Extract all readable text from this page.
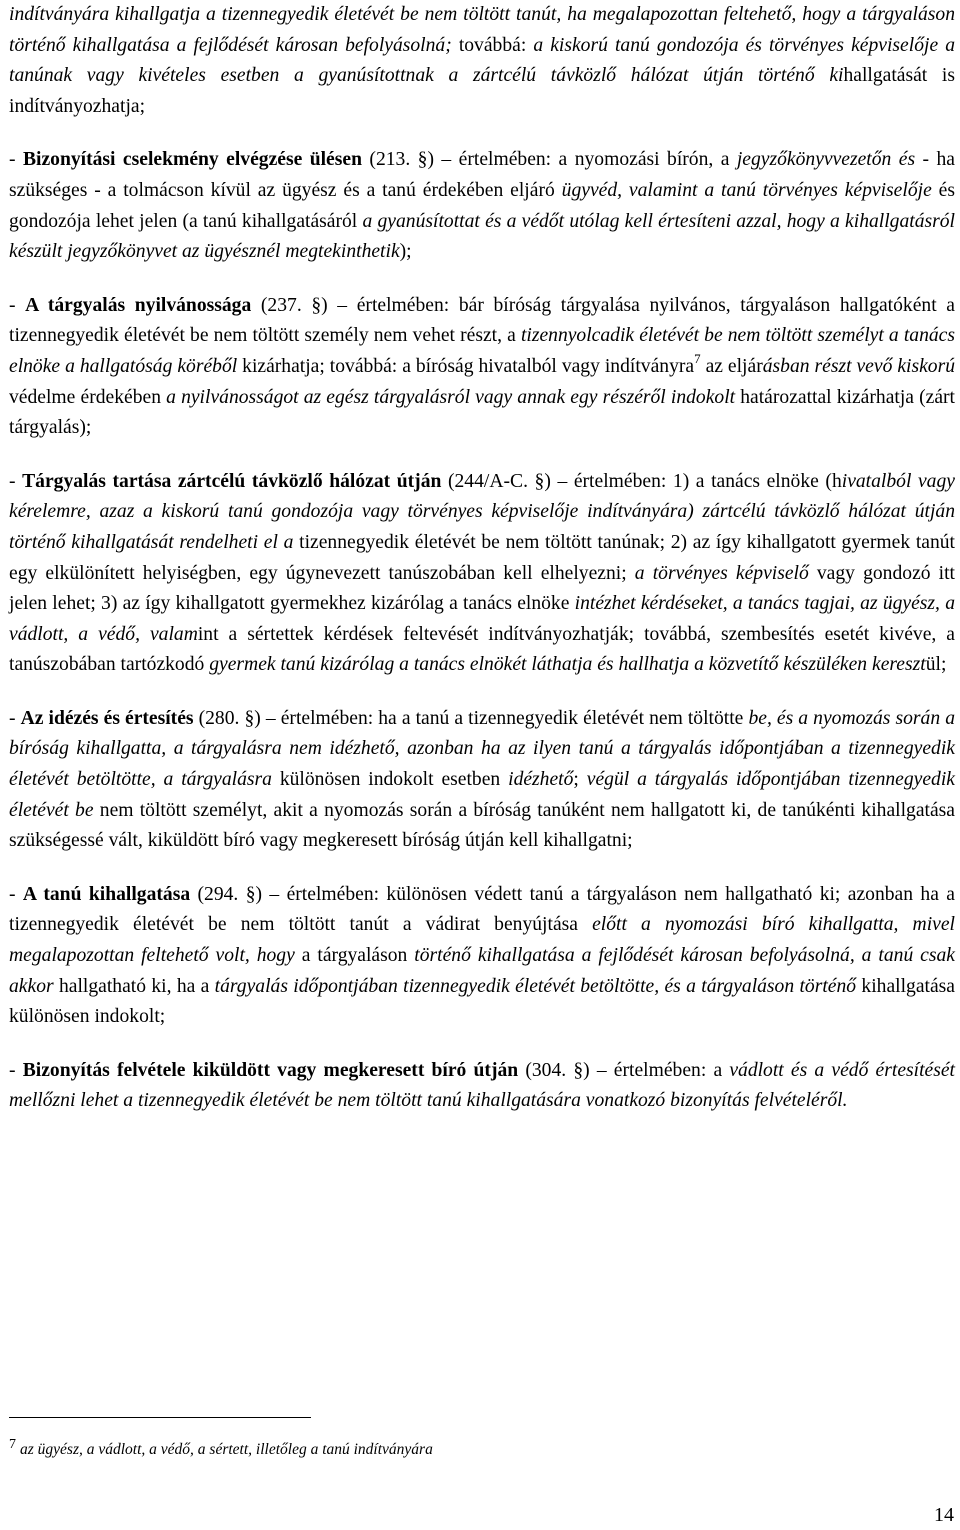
indítványára kihallgatja a tizennegyedik életévét be nem töltött tanút, ha megalapozottan feltehető, hogy a tárgyaláson történő kihallgatása a fejlődését károsan befolyásolná; továbbá: a kiskorú tanú gondozója és törvényes képviselője a tanúnak vagy kivételes esetben a gyanúsítottnak a zártcélú távközlő hálózat útján történő kihallgatását is indítványozhatja;

- Bizonyítási cselekmény elvégzése ülésen (213. §) – értelmében: a nyomozási bírón, a jegyzőkönyvvezetőn és - ha szükséges - a tolmácson kívül az ügyész és a tanú érdekében eljáró ügyvéd, valamint a tanú törvényes képviselője és gondozója lehet jelen (a tanú kihallgatásáról a gyanúsítottat és a védőt utólag kell értesíteni azzal, hogy a kihallgatásról készült jegyzőkönyvet az ügyésznél megtekinthetik);

- A tárgyalás nyilvánossága (237. §) – értelmében: bár bíróság tárgyalása nyilvános, tárgyaláson hallgatóként a tizennegyedik életévét be nem töltött személy nem vehet részt, a tizennyolcadik életévét be nem töltött személyt a tanács elnöke a hallgatóság köréből kizárhatja; továbbá: a bíróság hivatalból vagy indítványra$^7$ az eljárásban részt vevő kiskorú védelme érdekében a nyilvánosságot az egész tárgyalásról vagy annak egy részéről indokolt határozattal kizárhatja (zárt tárgyalás);

- Tárgyalás tartása zártcélú távközlő hálózat útján (244/A-C. §) – értelmében: 1) a tanács elnöke (hivatalból vagy kérelemre, azaz a kiskorú tanú gondozója vagy törvényes képviselője indítványára) zártcélú távközlő hálózat útján történő kihallgatását rendelheti el a tizennegyedik életévét be nem töltött tanúnak; 2) az így kihallgatott gyermek tanút egy elkülönített helyiségben, egy úgynevezett tanúszobában kell elhelyezni; a törvényes képviselő vagy gondozó itt jelen lehet; 3) az így kihallgatott gyermekhez kizárólag a tanács elnöke intézhet kérdéseket, a tanács tagjai, az ügyész, a vádlott, a védő, valamint a sértettek kérdések feltevését indítványozhatják; továbbá, szembesítés esetét kivéve, a tanúszobában tartózkodó gyermek tanú kizárólag a tanács elnökét láthatja és hallhatja a közvetítő készüléken keresztül;

- Az idézés és értesítés (280. §) – értelmében: ha a tanú a tizennegyedik életévét nem töltötte be, és a nyomozás során a bíróság kihallgatta, a tárgyalásra nem idézhető, azonban ha az ilyen tanú a tárgyalás időpontjában a tizennegyedik életévét betöltötte, a tárgyalásra különösen indokolt esetben idézhető; végül a tárgyalás időpontjában tizennegyedik életévét be nem töltött személyt, akit a nyomozás során a bíróság tanúként nem hallgatott ki, de tanúkénti kihallgatása szükségessé vált, kiküldött bíró vagy megkeresett bíróság útján kell kihallgatni;

- A tanú kihallgatása (294. §) – értelmében: különösen védett tanú a tárgyaláson nem hallgatható ki; azonban ha a tizennegyedik életévét be nem töltött tanút a vádirat benyújtása előtt a nyomozási bíró kihallgatta, mivel megalapozottan feltehető volt, hogy a tárgyaláson történő kihallgatása a fejlődését károsan befolyásolná, a tanú csak akkor hallgatható ki, ha a tárgyalás időpontjában tizennegyedik életévét betöltötte, és a tárgyaláson történő kihallgatása különösen indokolt;

- Bizonyítás felvétele kiküldött vagy megkeresett bíró útján (304. §) – értelmében: a vádlott és a védő értesítését mellőzni lehet a tizennegyedik életévét be nem töltött tanú kihallgatására vonatkozó bizonyítás felvételéről.

$^7$ az ügyész, a vádlott, a védő, a sértett, illetőleg a tanú indítványára
14
